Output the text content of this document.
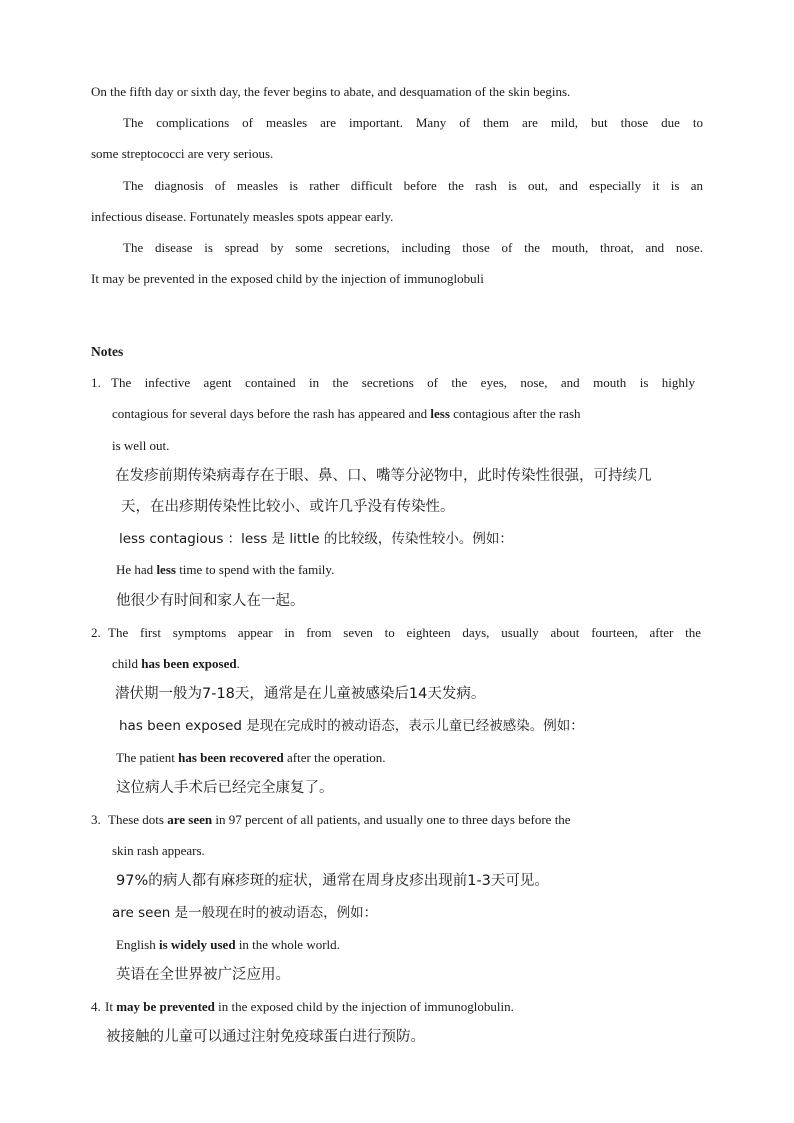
On the fifth day or sixth day, the fever begins to abate, and desquamation of the skin begins.
The complications of measles are important. Many of them are mild, but those due to
some streptococci are very serious.
The diagnosis of measles is rather difficult before the rash is out, and especially it is an
infectious disease. Fortunately measles spots appear early.
The disease is spread by some secretions, including those of the mouth, throat, and nose.
It may be prevented in the exposed child by the injection of immunoglobuli
Notes
1. The infective agent contained in the secretions of the eyes, nose, and mouth is highly
contagious for several days before the rash has appeared and less contagious after the rash
is well out.
在发疹前期传染病毒存在于眼、鼻、口、嘴等分泌物中，此时传染性很强，可持续几
天，在出疹期传染性比较小、或许几乎没有传染性。
less contagious ：less 是 little 的比较级，传染性较小。例如：
He had less time to spend with the family.
他很少有时间和家人在一起。
2. The first symptoms appear in from seven to eighteen days, usually about fourteen, after the
child has been exposed.
潜伏期一般为7-18天，通常是在儿童被感染后14天发病。
has been exposed 是现在完成时的被动语态，表示儿童已经被感染。例如：
The patient has been recovered after the operation.
这位病人手术后已经完全康复了。
3. These dots are seen in 97 percent of all patients, and usually one to three days before the
skin rash appears.
97%的病人都有麻疹斑的症状，通常在周身皮疹出现前1-3天可见。
are seen 是一般现在时的被动语态，例如：
English is widely used in the whole world.
英语在全世界被广泛应用。
4. It may be prevented in the exposed child by the injection of immunoglobulin.
被接触的儿童可以通过注射免疫球蛋白进行预防。
